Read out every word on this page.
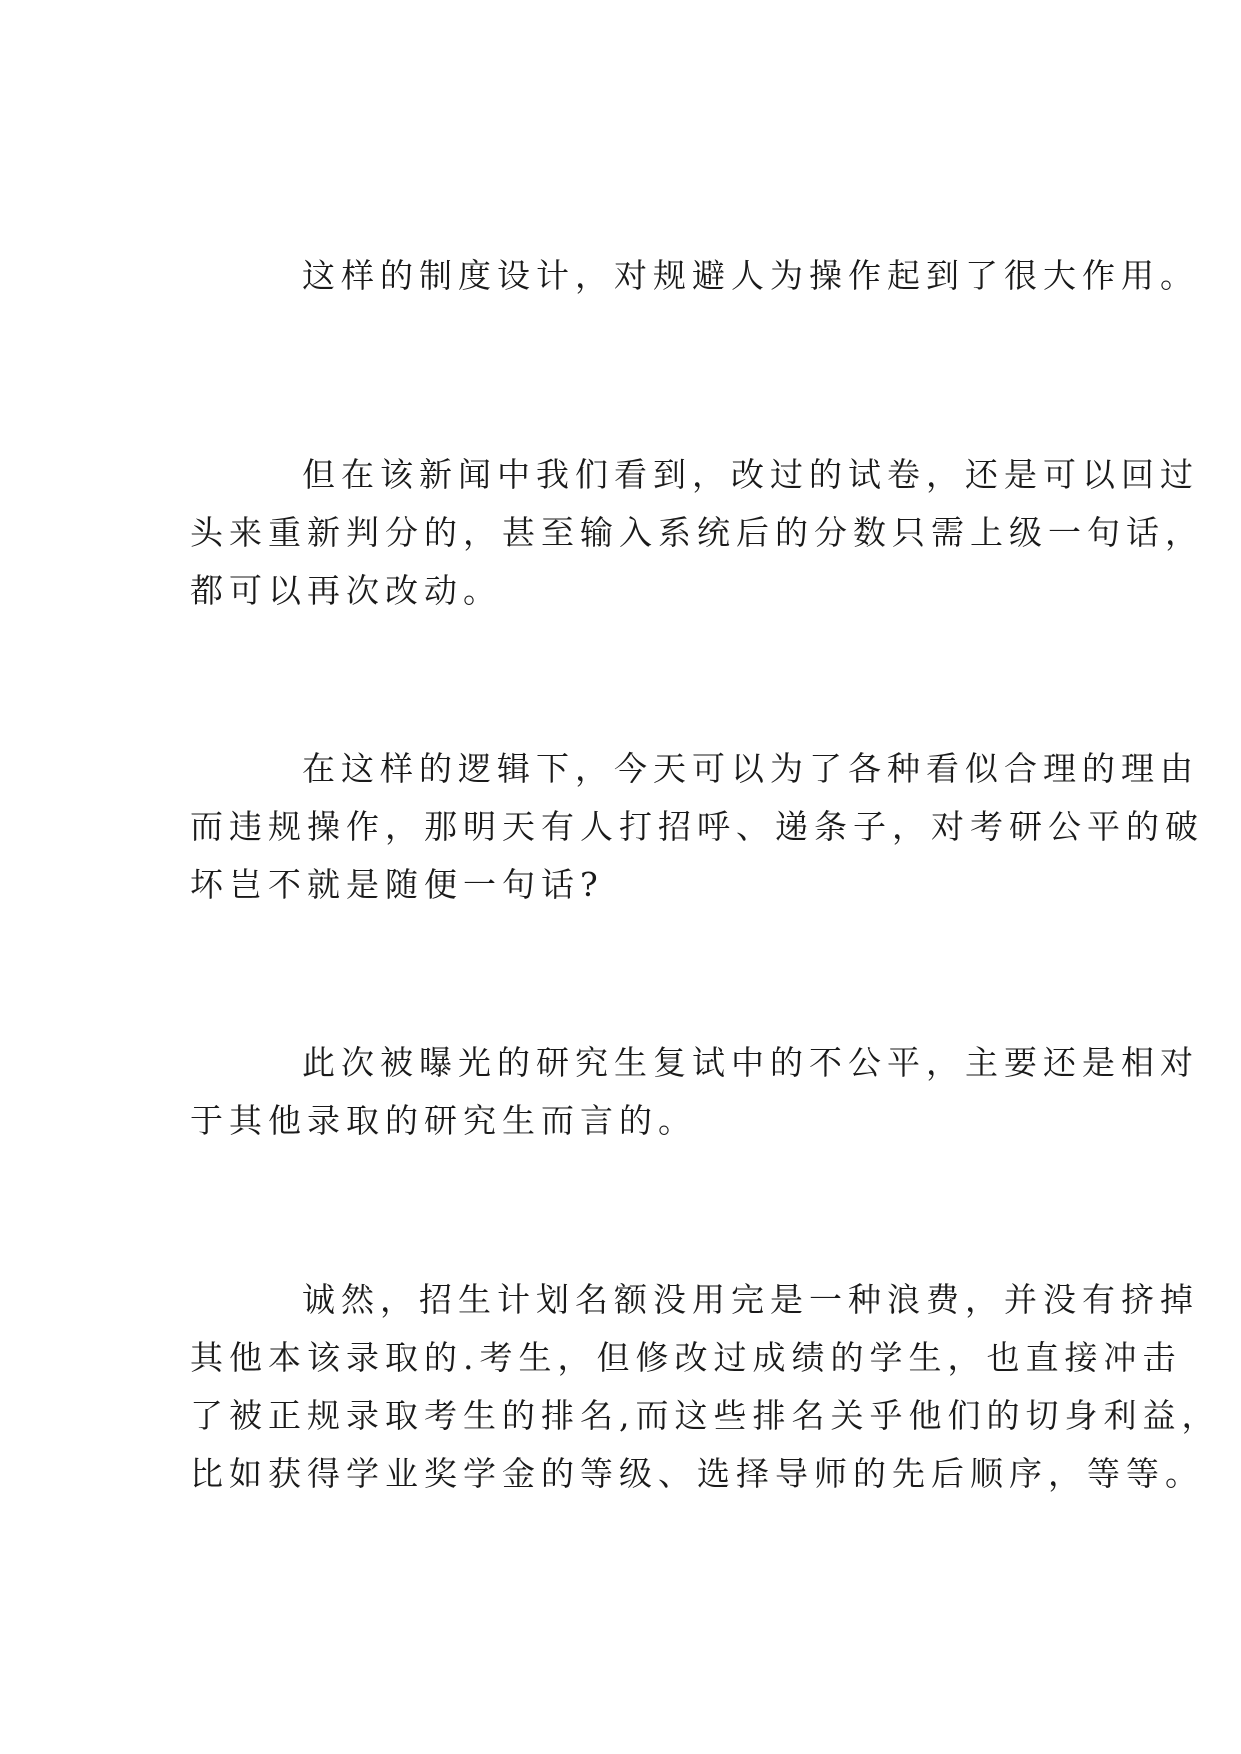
这样的制度设计，对规避人为操作起到了很大作用。

但在该新闻中我们看到，改过的试卷，还是可以回过
头来重新判分的，甚至输入系统后的分数只需上级一句话，
都可以再次改动。

在这样的逻辑下，今天可以为了各种看似合理的理由
而违规操作，那明天有人打招呼、递条子，对考研公平的破
坏岂不就是随便一句话?

此次被曝光的研究生复试中的不公平，主要还是相对
于其他录取的研究生而言的。

诚然，招生计划名额没用完是一种浪费，并没有挤掉
其他本该录取的.考生，但修改过成绩的学生，也直接冲击
了被正规录取考生的排名,而这些排名关乎他们的切身利益，
比如获得学业奖学金的等级、选择导师的先后顺序，等等。
